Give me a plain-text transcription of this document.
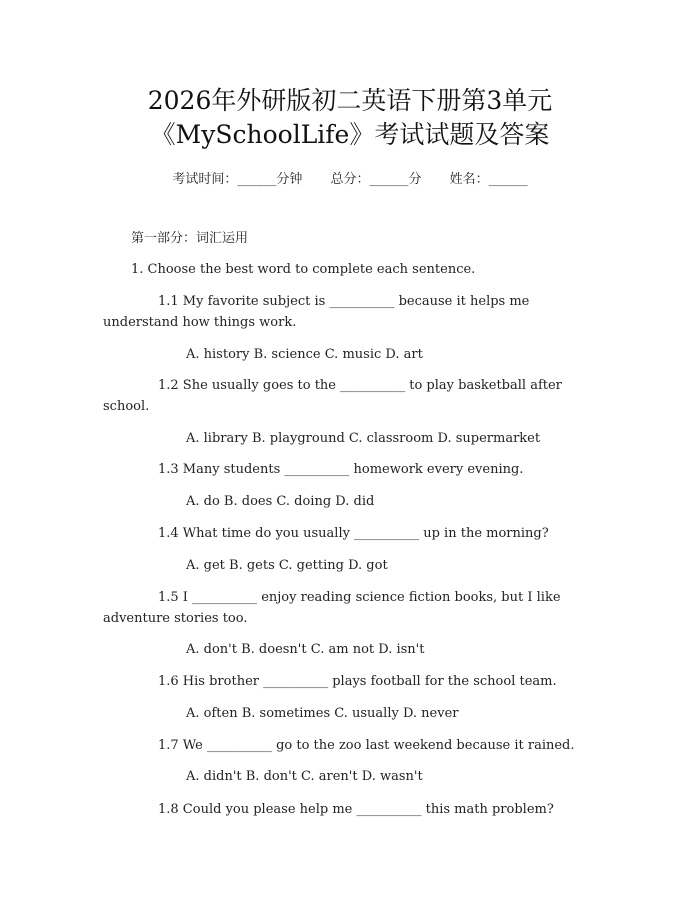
2026年外研版初二英语下册第3单元
《MySchoolLife》考试试题及答案
考试时间：______分钟 总分：______分 姓名：______
第一部分：词汇运用
1. Choose the best word to complete each sentence.
1.1 My favorite subject is __________ because it helps me
understand how things work.
A. history B. science C. music D. art
1.2 She usually goes to the __________ to play basketball after
school.
A. library B. playground C. classroom D. supermarket
1.3 Many students __________ homework every evening.
A. do B. does C. doing D. did
1.4 What time do you usually __________ up in the morning?
A. get B. gets C. getting D. got
1.5 I __________ enjoy reading science fiction books, but I like
adventure stories too.
A. don't B. doesn't C. am not D. isn't
1.6 His brother __________ plays football for the school team.
A. often B. sometimes C. usually D. never
1.7 We __________ go to the zoo last weekend because it rained.
A. didn't B. don't C. aren't D. wasn't
1.8 Could you please help me __________ this math problem?
